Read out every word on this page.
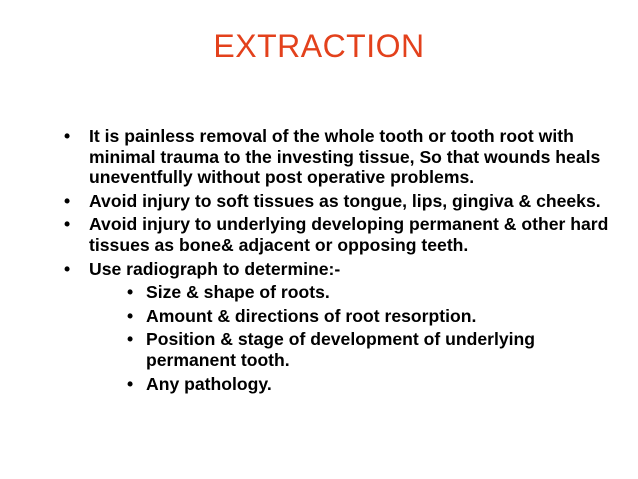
EXTRACTION
•	It is painless removal of the whole tooth or tooth root with minimal trauma to the investing tissue, So that wounds heals uneventfully without post operative problems.
•	Avoid injury to soft tissues as tongue, lips, gingiva & cheeks.
•	Avoid injury to underlying developing permanent & other hard tissues as bone& adjacent or opposing teeth.
•	Use radiograph to determine:-
• Size & shape of roots.
• Amount & directions of root resorption.
• Position & stage of development of underlying permanent tooth.
• Any pathology.
